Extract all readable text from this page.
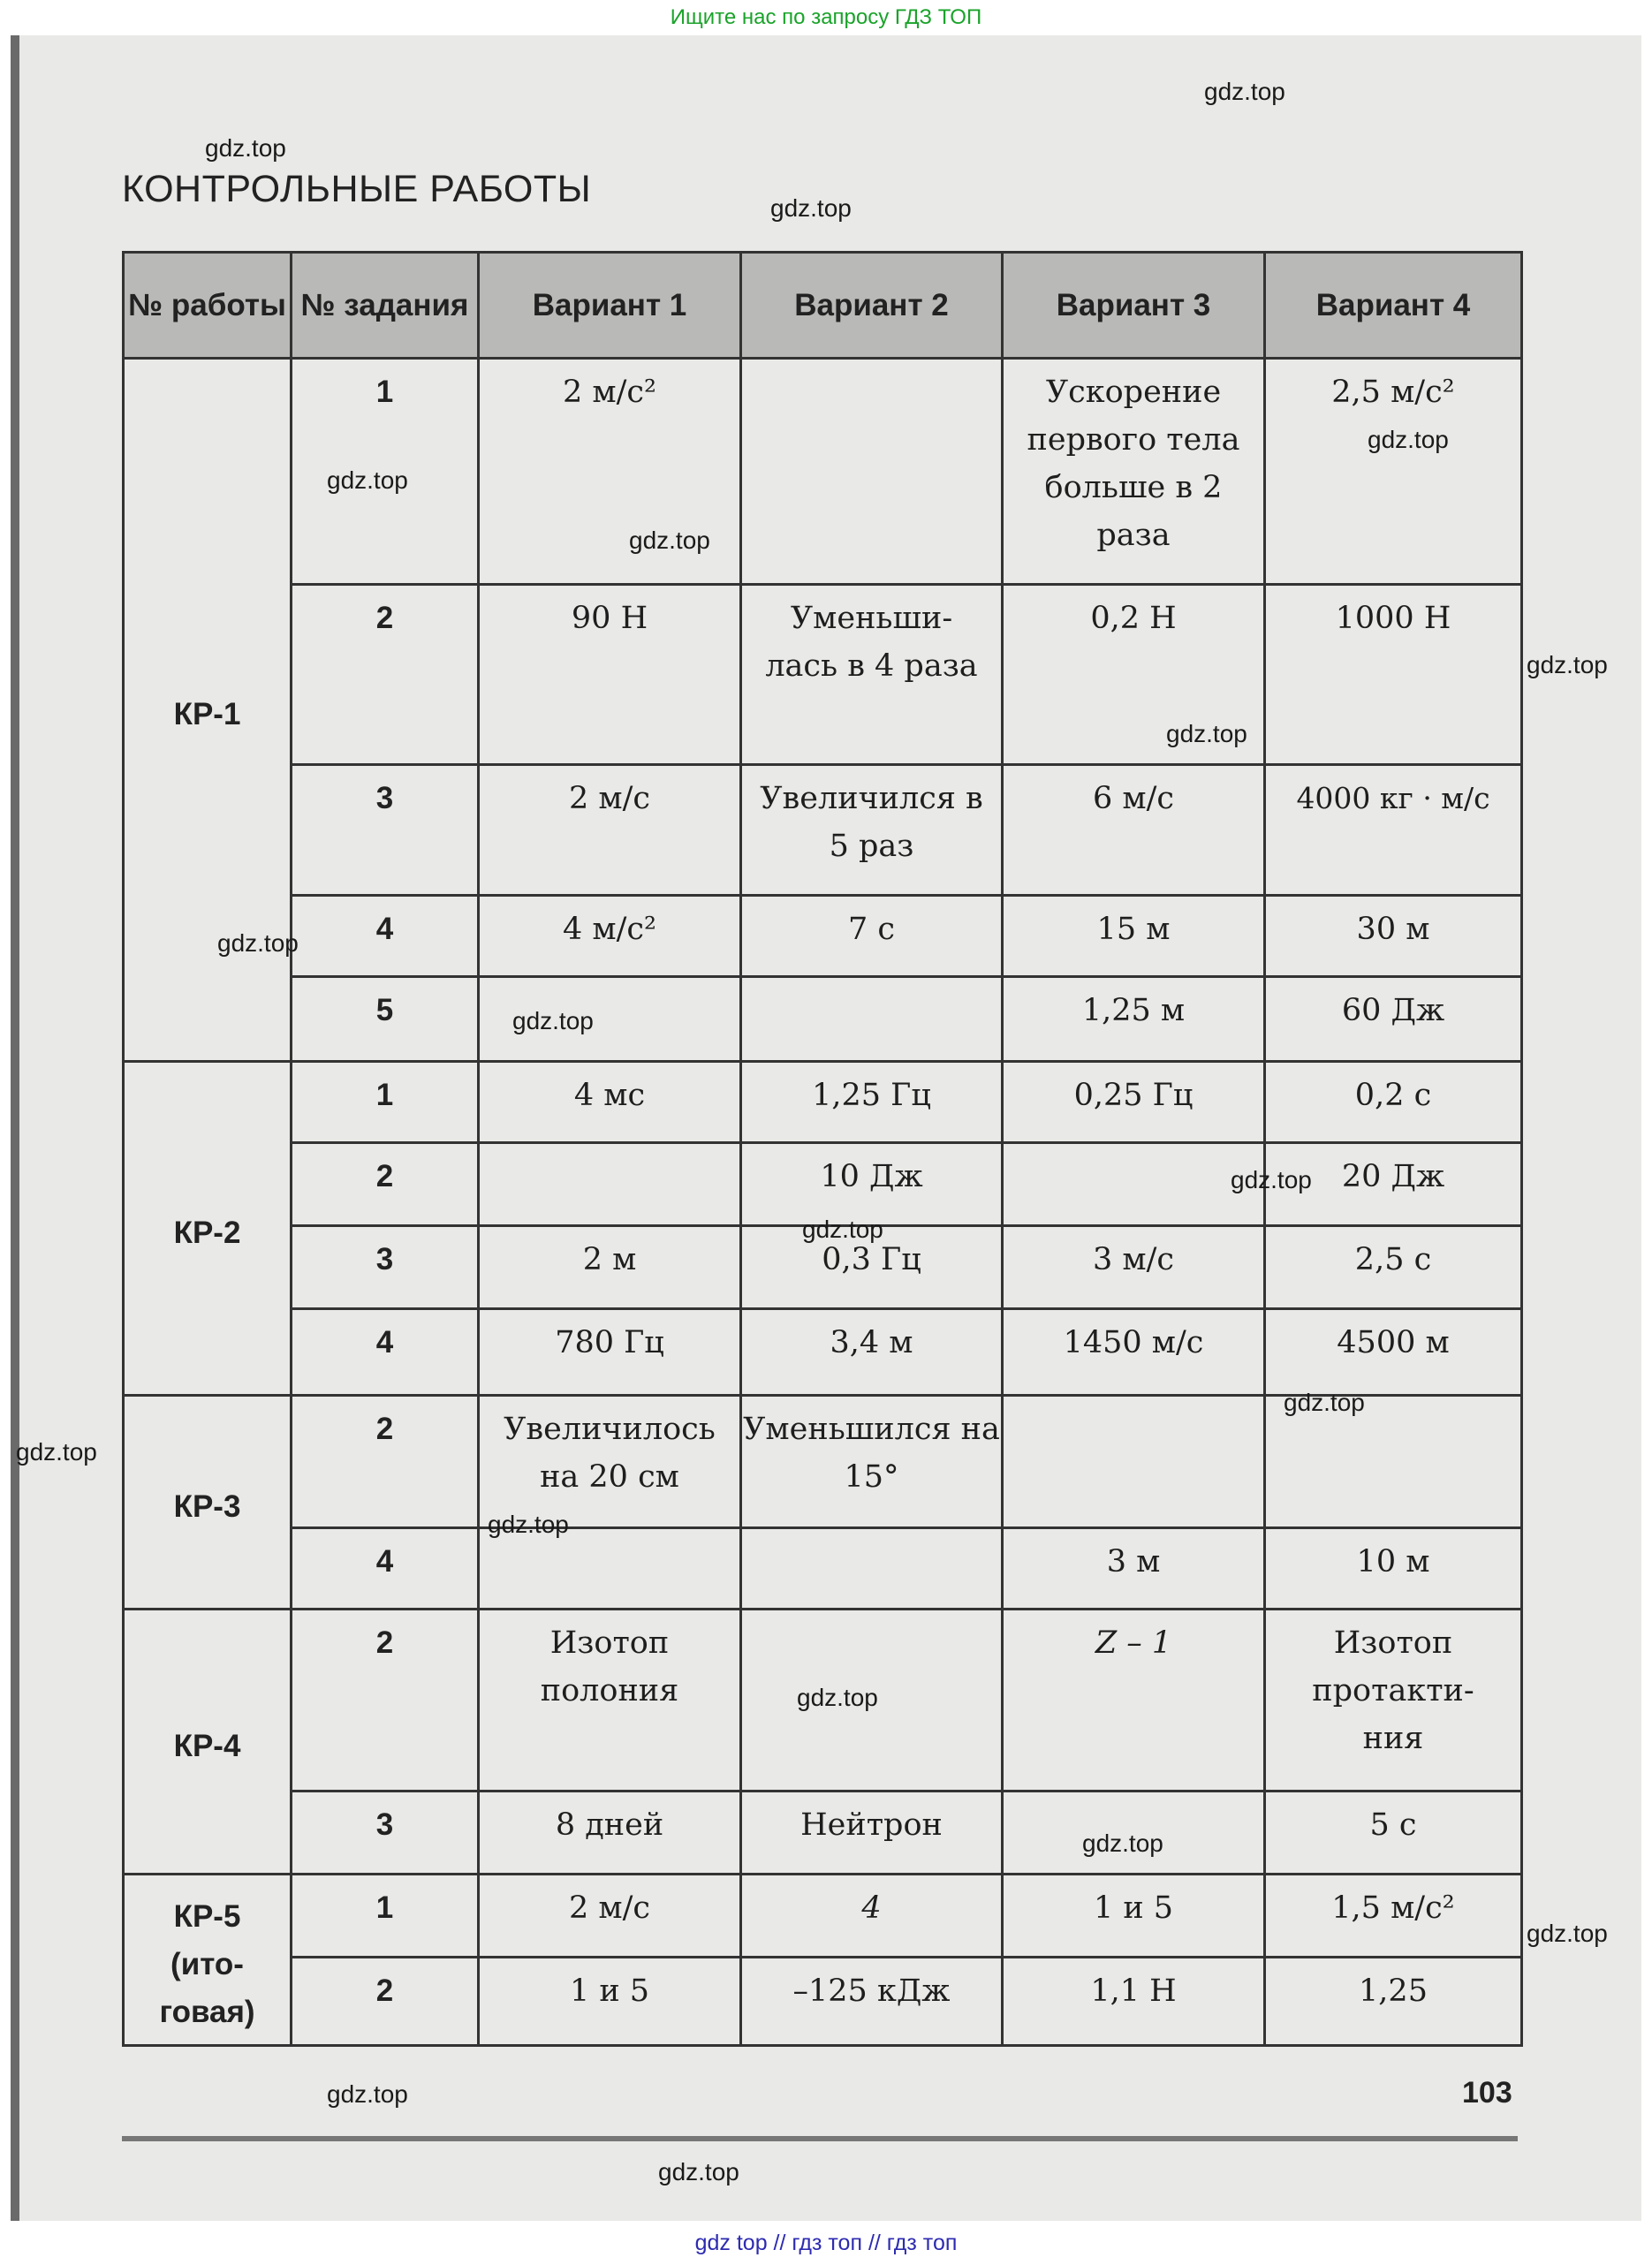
Ищите нас по запросу ГДЗ ТОП
КОНТРОЛЬНЫЕ РАБОТЫ
№ работы	№ задания	Вариант 1	Вариант 2	Вариант 3	Вариант 4
КР-1	1	2 м/с²		Ускорение первого тела больше в 2 раза	2,5 м/с²
	2	90 Н	Уменьши-лась в 4 раза	0,2 Н	1000 Н
	3	2 м/с	Увеличился в 5 раз	6 м/с	4000 кг · м/с
	4	4 м/с²	7 с	15 м	30 м
	5			1,25 м	60 Дж
КР-2	1	4 мс	1,25 Гц	0,25 Гц	0,2 с
	2		10 Дж		20 Дж
	3	2 м	0,3 Гц	3 м/с	2,5 с
	4	780 Гц	3,4 м	1450 м/с	4500 м
КР-3	2	Увеличилось на 20 см	Уменьшился на 15°		
	4			3 м	10 м
КР-4	2	Изотоп полония		Z – 1	Изотоп протакти-ния
	3	8 дней	Нейтрон		5 с
КР-5 (ито-говая)	1	2 м/с	4	1 и 5	1,5 м/с²
	2	1 и 5	–125 кДж	1,1 Н	1,25
103
gdz.top
gdz.top
gdz.top
gdz.top
gdz.top
gdz.top
gdz.top
gdz.top
gdz.top
gdz.top
gdz.top
gdz.top
gdz.top
gdz.top
gdz.top
gdz.top
gdz.top
gdz.top
gdz.top
gdz.top
gdz top // гдз топ // гдз топ
